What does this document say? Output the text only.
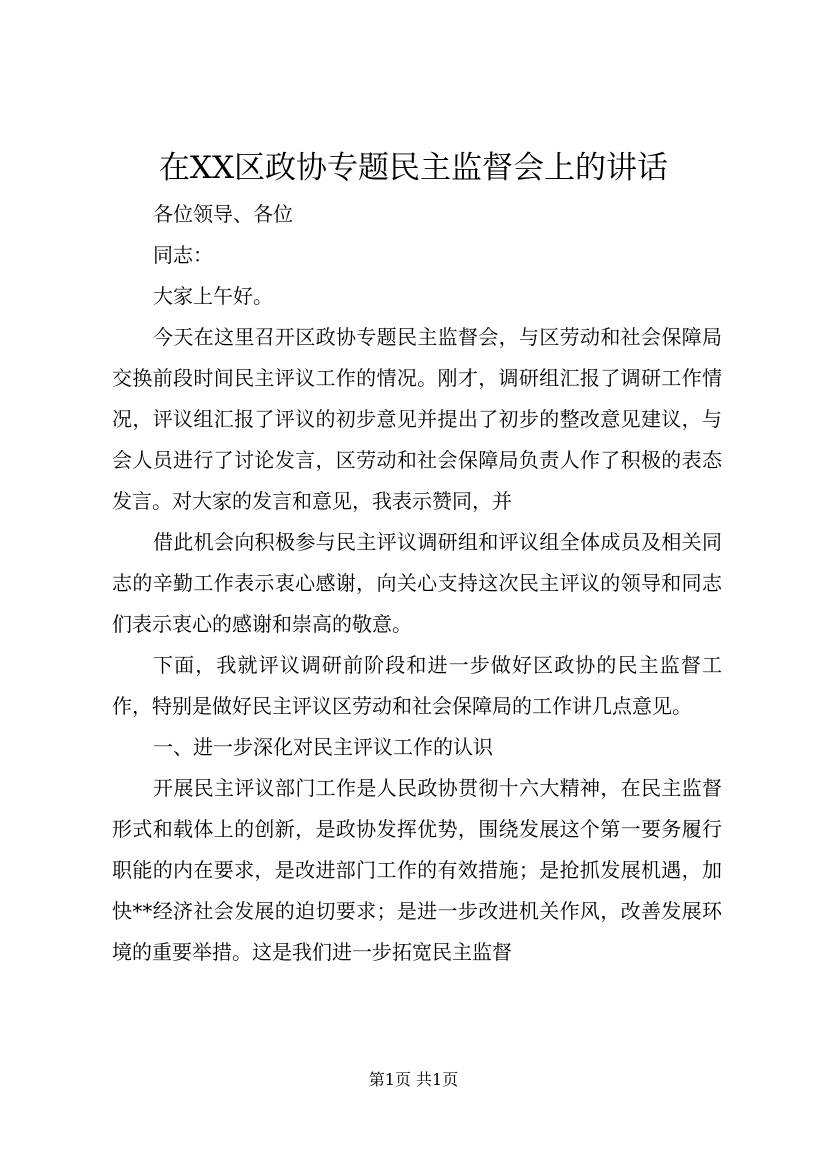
在XX区政协专题民主监督会上的讲话

各位领导、各位

同志：

大家上午好。

今天在这里召开区政协专题民主监督会，与区劳动和社会保障局交换前段时间民主评议工作的情况。刚才，调研组汇报了调研工作情况，评议组汇报了评议的初步意见并提出了初步的整改意见建议，与会人员进行了讨论发言，区劳动和社会保障局负责人作了积极的表态发言。对大家的发言和意见，我表示赞同，并

借此机会向积极参与民主评议调研组和评议组全体成员及相关同志的辛勤工作表示衷心感谢，向关心支持这次民主评议的领导和同志们表示衷心的感谢和崇高的敬意。

下面，我就评议调研前阶段和进一步做好区政协的民主监督工作，特别是做好民主评议区劳动和社会保障局的工作讲几点意见。

一、进一步深化对民主评议工作的认识

开展民主评议部门工作是人民政协贯彻十六大精神，在民主监督形式和载体上的创新，是政协发挥优势，围绕发展这个第一要务履行职能的内在要求，是改进部门工作的有效措施；是抢抓发展机遇，加快**经济社会发展的迫切要求；是进一步改进机关作风，改善发展环境的重要举措。这是我们进一步拓宽民主监督

第1页 共1页
